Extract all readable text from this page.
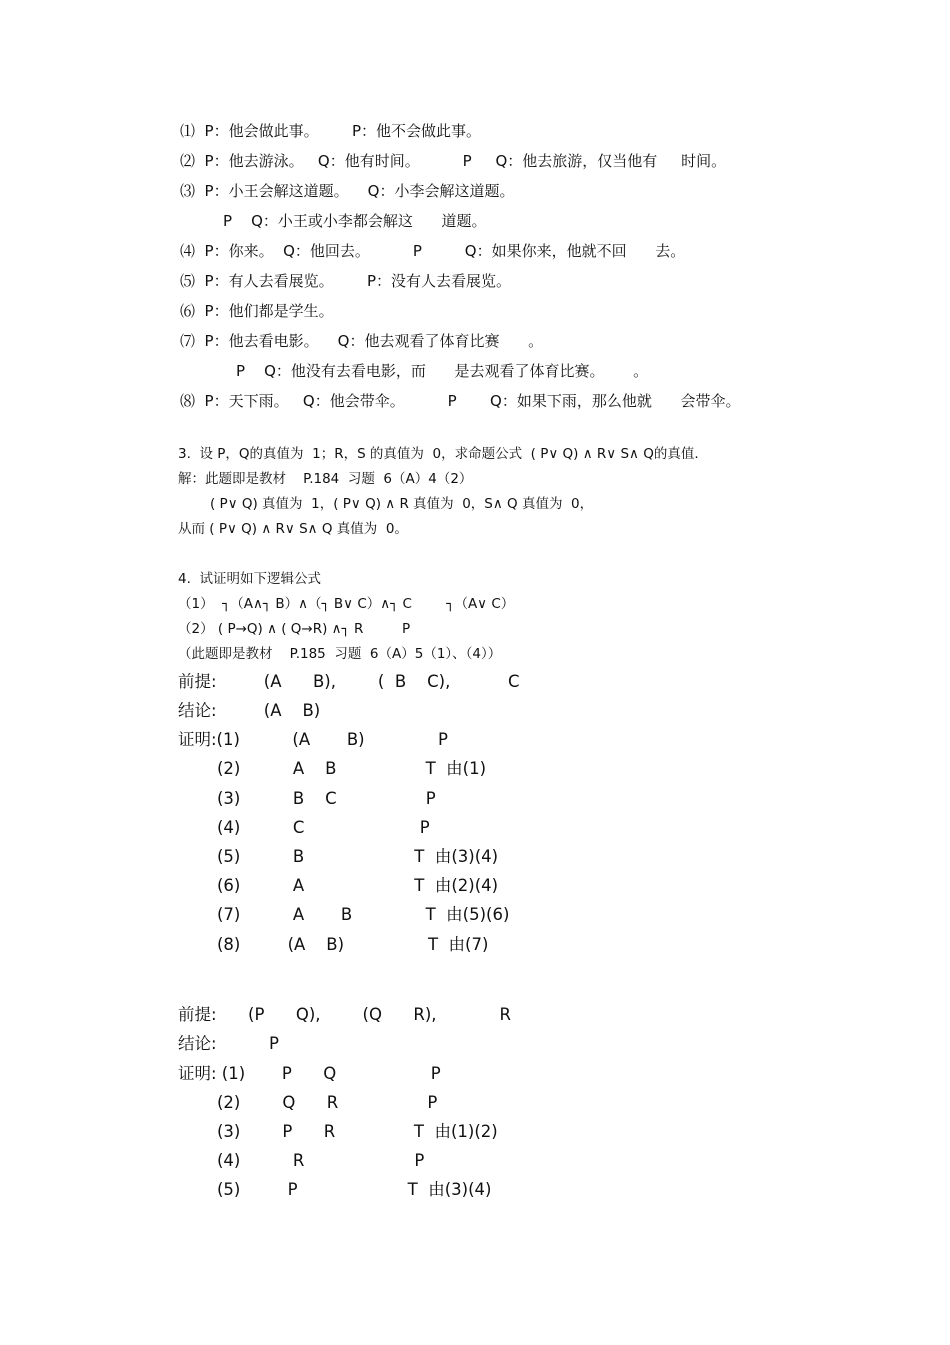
⑴  P：他会做此事。       P：他不会做此事。
⑵  P：他去游泳。   Q：他有时间。         P     Q：他去旅游，仅当他有     时间。
⑶  P：小王会解这道题。    Q：小李会解这道题。
P    Q：小王或小李都会解这      道题。
⑷  P：你来。  Q：他回去。         P         Q：如果你来，他就不回      去。
⑸  P：有人去看展览。       P：没有人去看展览。
⑹  P：他们都是学生。
⑺  P：他去看电影。    Q：他去观看了体育比赛      。
P    Q：他没有去看电影，而      是去观看了体育比赛。      。
⑻  P：天下雨。   Q：他会带伞。         P       Q：如果下雨，那么他就      会带伞。
3.  设 P，Q的真值为  1；R，S 的真值为  0，求命题公式  ( P∨ Q) ∧ R∨ S∧ Q的真值.
解：此题即是教材    P.184  习题  6（A）4（2）
( P∨ Q) 真值为  1，( P∨ Q) ∧ R 真值为  0，S∧ Q 真值为  0，
从而 ( P∨ Q) ∧ R∨ S∧ Q 真值为  0。
4.  试证明如下逻辑公式
（1）  ┐（A∧┐ B）∧（┐ B∨ C）∧┐ C        ┐（A∨ C）
（2） ( P→Q) ∧ ( Q→R) ∧┐ R         P
（此题即是教材    P.185  习题  6（A）5（1）、（4））
前提:         (A      B),        (  B    C),           C
结论:         (A    B)
证明:(1)          (A       B)              P
(2)          A    B                 T  由(1)
(3)          B    C                 P
(4)          C                      P
(5)          B                     T  由(3)(4)
(6)          A                     T  由(2)(4)
(7)          A       B              T  由(5)(6)
(8)         (A    B)                T  由(7)
前提:      (P      Q),        (Q      R),            R
结论:          P
证明: (1)       P      Q                  P
(2)        Q      R                 P
(3)        P      R               T  由(1)(2)
(4)          R                     P
(5)         P                     T  由(3)(4)
